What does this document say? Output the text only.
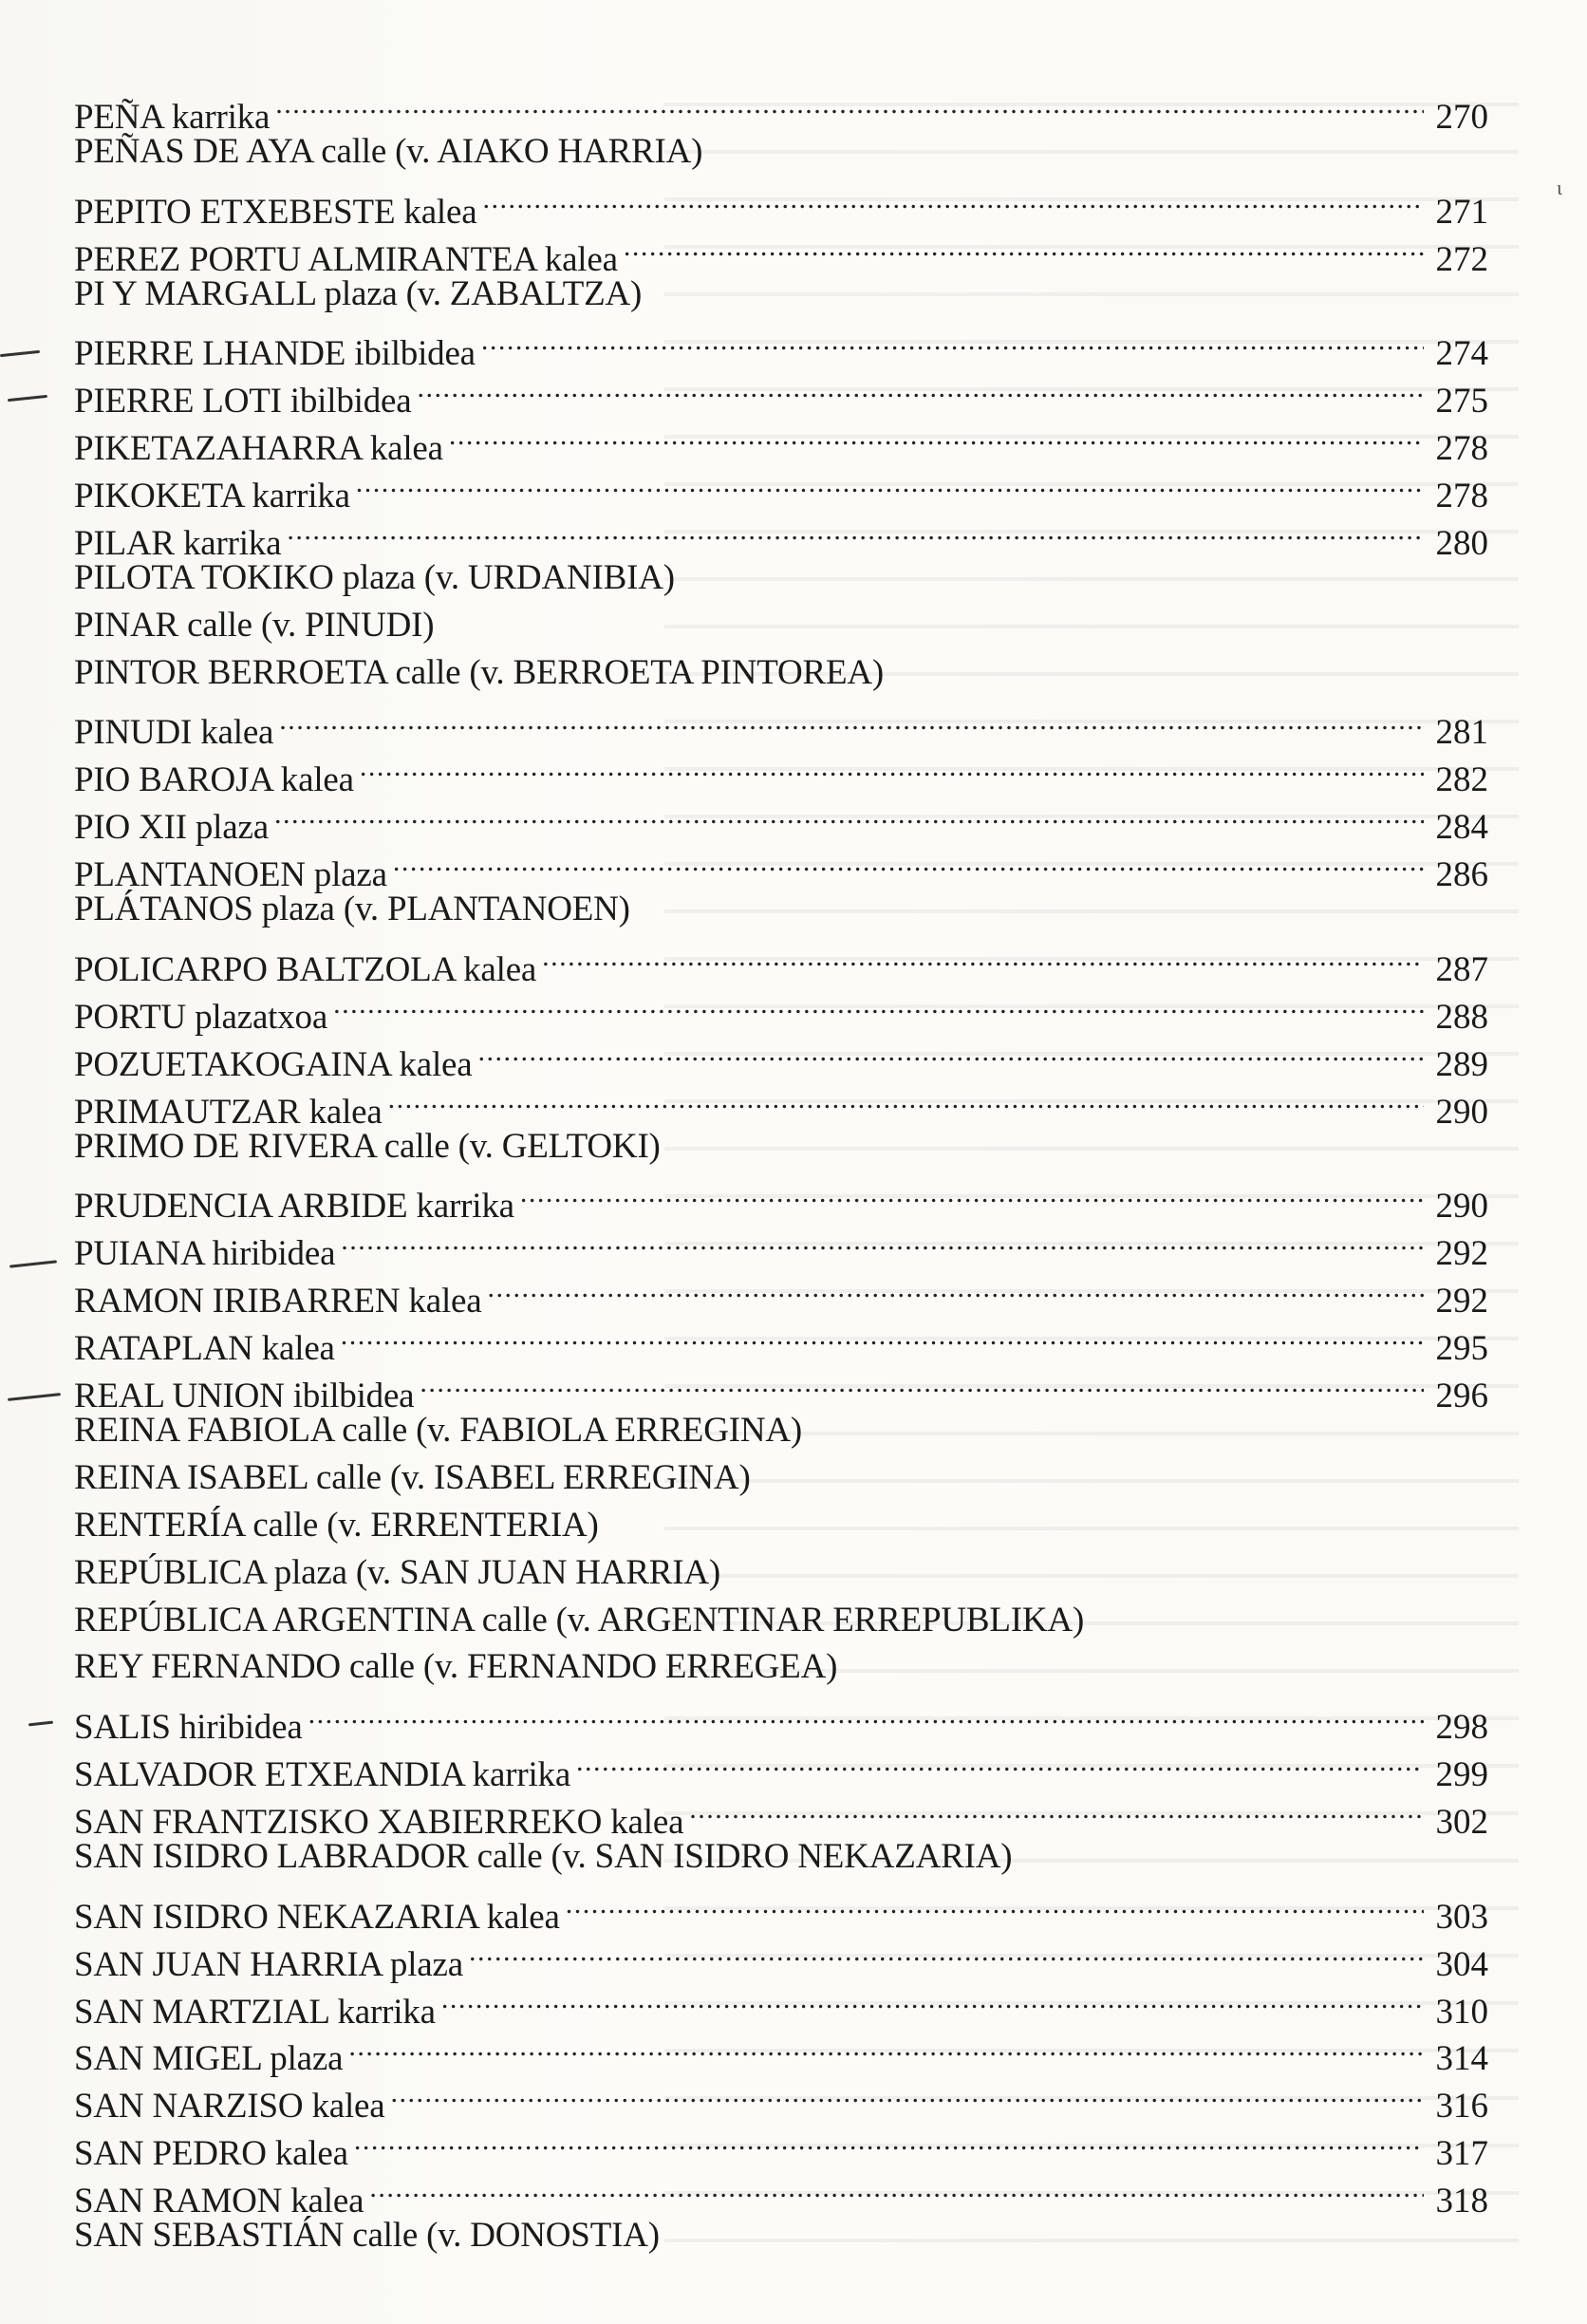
ι
PEÑA karrika . . .	270
PEÑAS DE AYA calle (v. AIAKO HARRIA)
PEPITO ETXEBESTE kalea . . .	271
PEREZ PORTU ALMIRANTEA kalea . . .	272
PI Y MARGALL plaza (v. ZABALTZA)
PIERRE LHANDE ibilbidea . . .	274
PIERRE LOTI ibilbidea . . .	275
PIKETAZAHARRA kalea . . .	278
PIKOKETA karrika . . .	278
PILAR karrika . . .	280
PILOTA TOKIKO plaza (v. URDANIBIA)
PINAR calle (v. PINUDI)
PINTOR BERROETA calle (v. BERROETA PINTOREA)
PINUDI kalea . . .	281
PIO BAROJA kalea . . .	282
PIO XII plaza . . .	284
PLANTANOEN plaza . . .	286
PLÁTANOS plaza (v. PLANTANOEN)
POLICARPO BALTZOLA kalea . . .	287
PORTU plazatxoa . . .	288
POZUETAKOGAINA kalea . . .	289
PRIMAUTZAR kalea . . .	290
PRIMO DE RIVERA calle (v. GELTOKI)
PRUDENCIA ARBIDE karrika . . .	290
PUIANA hiribidea . . .	292
RAMON IRIBARREN kalea . . .	292
RATAPLAN kalea . . .	295
REAL UNION ibilbidea . . .	296
REINA FABIOLA calle (v. FABIOLA ERREGINA)
REINA ISABEL calle (v. ISABEL ERREGINA)
RENTERÍA calle (v. ERRENTERIA)
REPÚBLICA plaza (v. SAN JUAN HARRIA)
REPÚBLICA ARGENTINA calle (v. ARGENTINAR ERREPUBLIKA)
REY FERNANDO calle (v. FERNANDO ERREGEA)
SALIS hiribidea . . .	298
SALVADOR ETXEANDIA karrika . . .	299
SAN FRANTZISKO XABIERREKO kalea . . .	302
SAN ISIDRO LABRADOR calle (v. SAN ISIDRO NEKAZARIA)
SAN ISIDRO NEKAZARIA kalea . . .	303
SAN JUAN HARRIA plaza . . .	304
SAN MARTZIAL karrika . . .	310
SAN MIGEL plaza . . .	314
SAN NARZISO kalea . . .	316
SAN PEDRO kalea . . .	317
SAN RAMON kalea . . .	318
SAN SEBASTIÁN calle (v. DONOSTIA)
